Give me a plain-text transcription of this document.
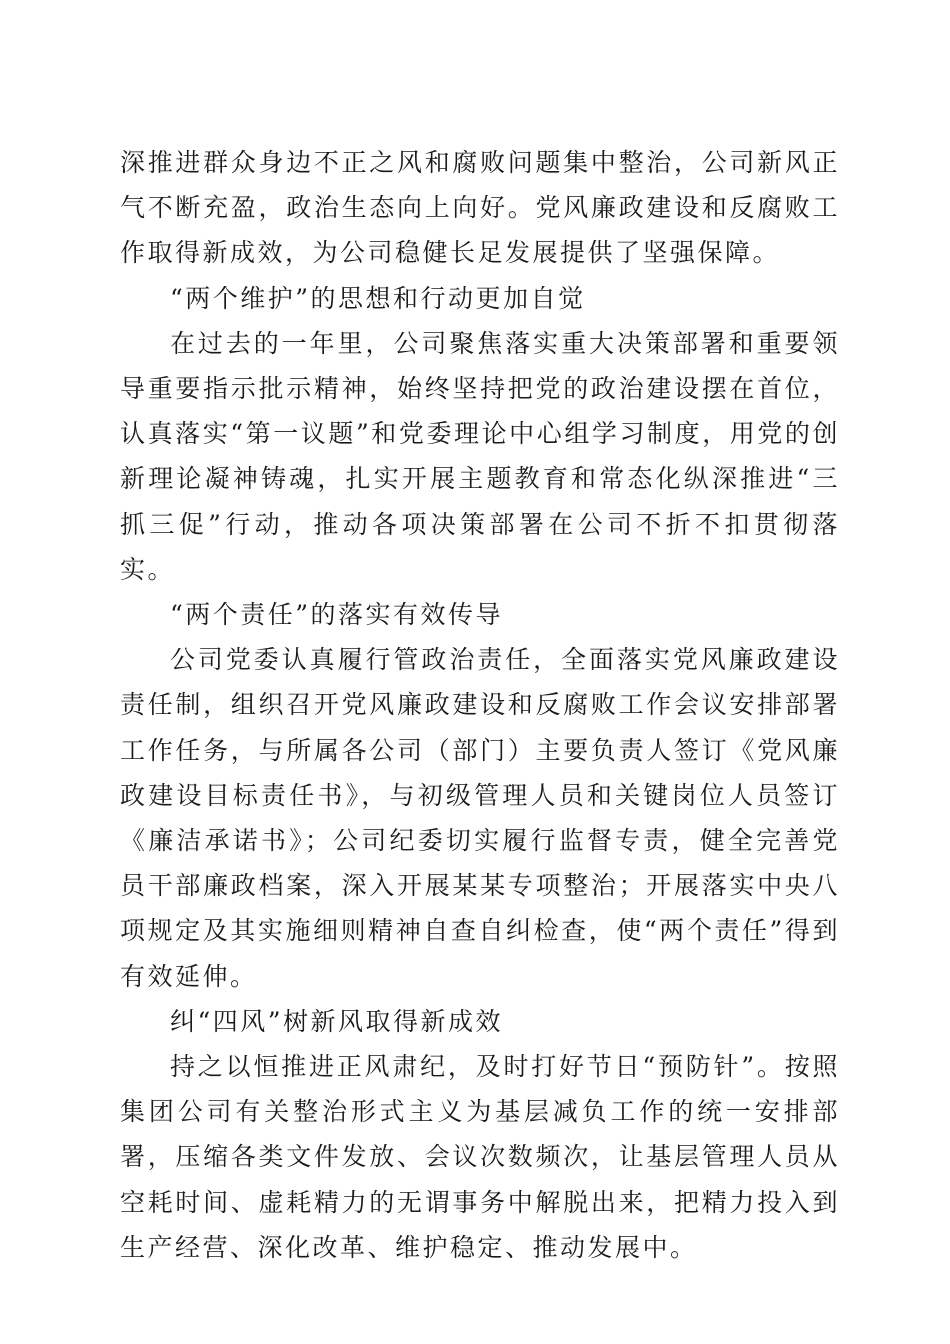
深推进群众身边不正之风和腐败问题集中整治，公司新风正气不断充盈，政治生态向上向好。党风廉政建设和反腐败工作取得新成效，为公司稳健长足发展提供了坚强保障。

“两个维护”的思想和行动更加自觉

在过去的一年里，公司聚焦落实重大决策部署和重要领导重要指示批示精神，始终坚持把党的政治建设摆在首位，认真落实“第一议题”和党委理论中心组学习制度，用党的创新理论凝神铸魂，扎实开展主题教育和常态化纵深推进“三抓三促”行动，推动各项决策部署在公司不折不扣贯彻落实。

“两个责任”的落实有效传导

公司党委认真履行管政治责任，全面落实党风廉政建设责任制，组织召开党风廉政建设和反腐败工作会议安排部署工作任务，与所属各公司（部门）主要负责人签订《党风廉政建设目标责任书》，与初级管理人员和关键岗位人员签订《廉洁承诺书》；公司纪委切实履行监督专责，健全完善党员干部廉政档案，深入开展某某专项整治；开展落实中央八项规定及其实施细则精神自查自纠检查，使“两个责任”得到有效延伸。

纠“四风”树新风取得新成效

持之以恒推进正风肃纪，及时打好节日“预防针”。按照集团公司有关整治形式主义为基层减负工作的统一安排部署，压缩各类文件发放、会议次数频次，让基层管理人员从空耗时间、虚耗精力的无谓事务中解脱出来，把精力投入到生产经营、深化改革、维护稳定、推动发展中。
